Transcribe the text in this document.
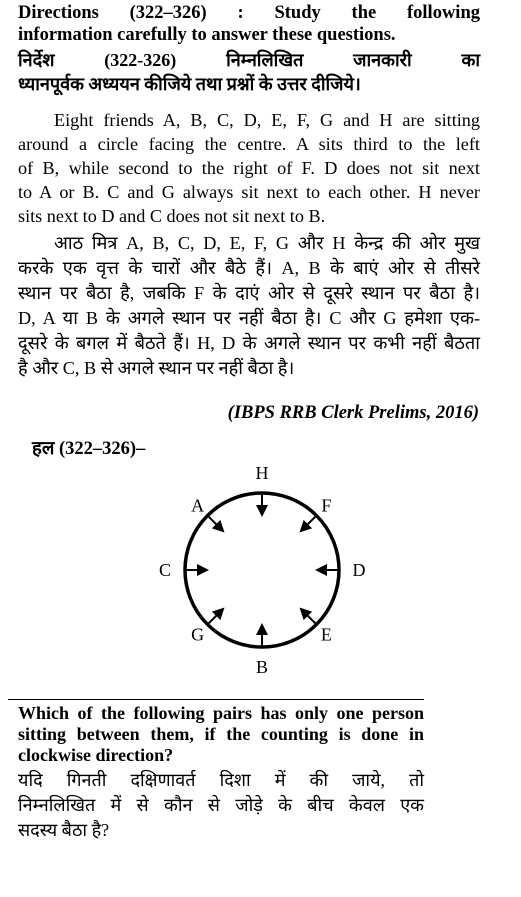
Directions (322–326) : Study the following
information carefully to answer these questions.
निर्देश (322-326) निम्नलिखित जानकारी का
ध्यानपूर्वक अध्ययन कीजिये तथा प्रश्नों के उत्तर दीजिये।
Eight friends A, B, C, D, E, F, G and H are sitting
around a circle facing the centre. A sits third to the left
of B, while second to the right of F. D does not sit next
to A or B. C and G always sit next to each other. H never
sits next to D and C does not sit next to B.
आठ मित्र A, B, C, D, E, F, G और H केन्द्र की ओर मुख
करके एक वृत्त के चारों और बैठे हैं। A, B के बाएं ओर से तीसरे
स्थान पर बैठा है, जबकि F के दाएं ओर से दूसरे स्थान पर बैठा है।
D, A या B के अगले स्थान पर नहीं बैठा है। C और G हमेशा एक-
दूसरे के बगल में बैठते हैं। H, D के अगले स्थान पर कभी नहीं बैठता
है और C, B से अगले स्थान पर नहीं बैठा है।
(IBPS RRB Clerk Prelims, 2016)
हल (322–326)–
H
F
D
E
B
G
C
A
Which of the following pairs has only one person
sitting between them, if the counting is done in
clockwise direction?
यदि गिनती दक्षिणावर्त दिशा में की जाये, तो
निम्नलिखित में से कौन से जोड़े के बीच केवल एक
सदस्य बैठा है?
